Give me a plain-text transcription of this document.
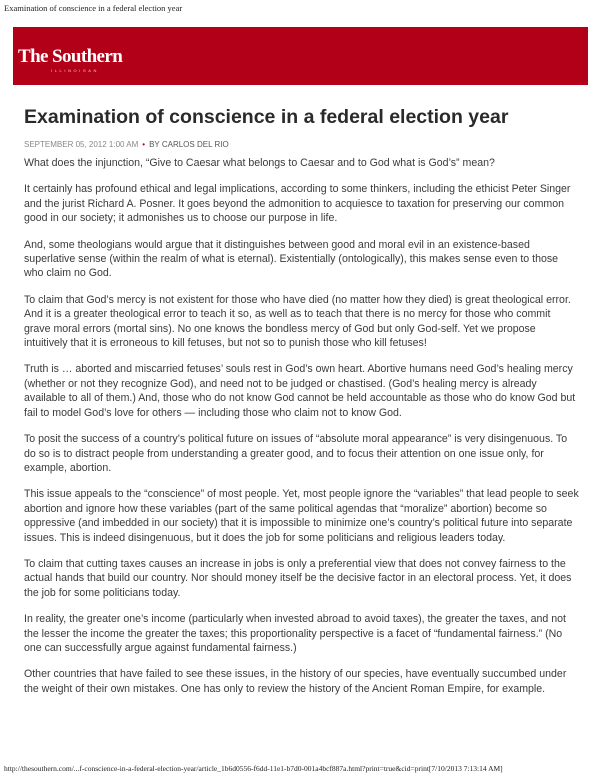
Examination of conscience in a federal election year
The Southern
ILLINOISAN
Examination of conscience in a federal election year
SEPTEMBER 05, 2012 1:00 AM • BY CARLOS DEL RIO

What does the injunction, “Give to Caesar what belongs to Caesar and to God what is God’s” mean?

It certainly has profound ethical and legal implications, according to some thinkers, including the ethicist Peter Singer and the jurist Richard A. Posner. It goes beyond the admonition to acquiesce to taxation for preserving our common good in our society; it admonishes us to choose our purpose in life.

And, some theologians would argue that it distinguishes between good and moral evil in an existence-based superlative sense (within the realm of what is eternal). Existentially (ontologically), this makes sense even to those who claim no God.

To claim that God’s mercy is not existent for those who have died (no matter how they died) is great theological error. And it is a greater theological error to teach it so, as well as to teach that there is no mercy for those who commit grave moral errors (mortal sins). No one knows the bondless mercy of God but only God-self. Yet we propose intuitively that it is erroneous to kill fetuses, but not so to punish those who kill fetuses!

Truth is … aborted and miscarried fetuses’ souls rest in God’s own heart. Abortive humans need God’s healing mercy (whether or not they recognize God), and need not to be judged or chastised. (God’s healing mercy is already available to all of them.) And, those who do not know God cannot be held accountable as those who do know God but fail to model God’s love for others — including those who claim not to know God.

To posit the success of a country’s political future on issues of “absolute moral appearance” is very disingenuous. To do so is to distract people from understanding a greater good, and to focus their attention on one issue only, for example, abortion.

This issue appeals to the “conscience” of most people. Yet, most people ignore the “variables” that lead people to seek abortion and ignore how these variables (part of the same political agendas that “moralize” abortion) become so oppressive (and imbedded in our society) that it is impossible to minimize one’s country’s political future into separate issues. This is indeed disingenuous, but it does the job for some politicians and religious leaders today.

To claim that cutting taxes causes an increase in jobs is only a preferential view that does not convey fairness to the actual hands that build our country. Nor should money itself be the decisive factor in an electoral process. Yet, it does the job for some politicians today.

In reality, the greater one’s income (particularly when invested abroad to avoid taxes), the greater the taxes, and not the lesser the income the greater the taxes; this proportionality perspective is a facet of “fundamental fairness.” (No one can successfully argue against fundamental fairness.)

Other countries that have failed to see these issues, in the history of our species, have eventually succumbed under the weight of their own mistakes. One has only to review the history of the Ancient Roman Empire, for example.

http://thesouthern.com/...f-conscience-in-a-federal-election-year/article_1b6d0556-f6dd-11e1-b7d0-001a4bcf887a.html?print=true&cid=print[7/10/2013 7:13:14 AM]
